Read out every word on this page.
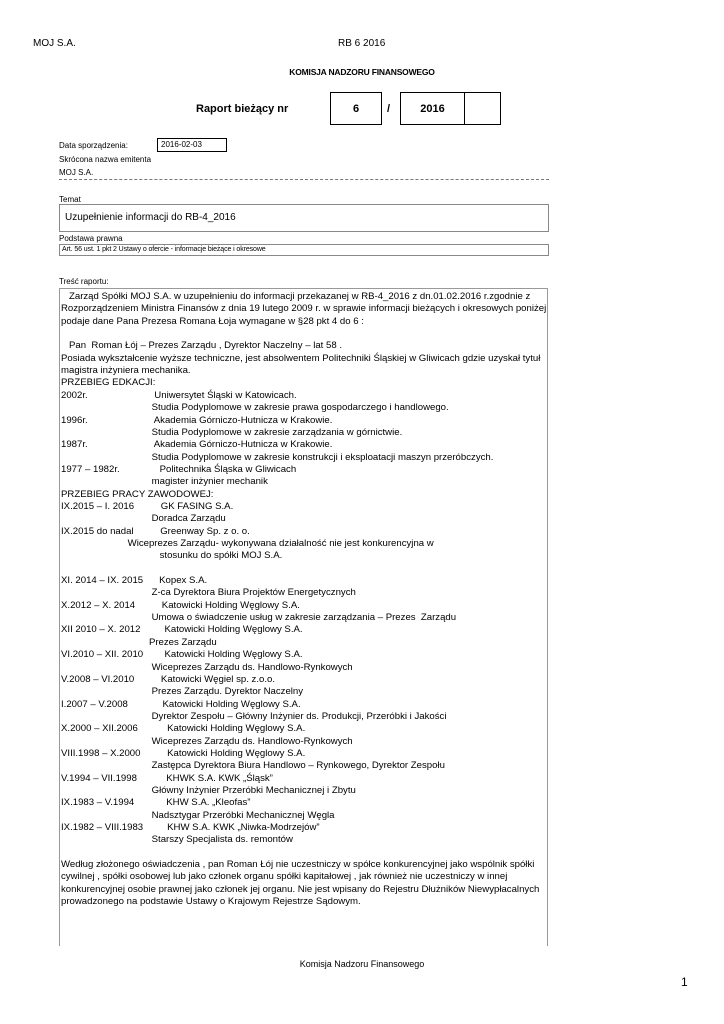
MOJ S.A.	RB 6 2016
KOMISJA NADZORU FINANSOWEGO
Raport bieżący nr	6	/	2016
Data sporządzenia:	2016-02-03
Skrócona nazwa emitenta
MOJ S.A.
Temat
Uzupełnienie informacji do RB-4_2016
Podstawa prawna
Art. 56 ust. 1 pkt 2 Ustawy o ofercie - informacje bieżące i okresowe
Treść raportu:
Zarząd Spółki MOJ S.A. w uzupełnieniu do informacji przekazanej w RB-4_2016 z dn.01.02.2016 r.zgodnie z
Rozporządzeniem Ministra Finansów z dnia 19 lutego 2009 r. w sprawie informacji bieżących i okresowych poniżej
podaje dane Pana Prezesa Romana Łoja wymagane w §28 pkt 4 do 6 :
Pan  Roman Łój – Prezes Zarządu , Dyrektor Naczelny – lat 58 .
Posiada wykształcenie wyższe techniczne, jest absolwentem Politechniki Śląskiej w Gliwicach gdzie uzyskał tytuł
magistra inżyniera mechanika.
PRZEBIEG EDKACJI:
2002r.                         Uniwersytet Śląski w Katowicach.
Studia Podyplomowe w zakresie prawa gospodarczego i handlowego.
1996r.                         Akademia Górniczo-Hutnicza w Krakowie.
Studia Podyplomowe w zakresie zarządzania w górnictwie.
1987r.                         Akademia Górniczo-Hutnicza w Krakowie.
Studia Podyplomowe w zakresie konstrukcji i eksploatacji maszyn przeróbczych.
1977 – 1982r.               Politechnika Śląska w Gliwicach
magister inżynier mechanik
PRZEBIEG PRACY ZAWODOWEJ:
IX.2015 – I. 2016          GK FASING S.A.
Doradca Zarządu
IX.2015 do nadal          Greenway Sp. z o. o.
Wiceprezes Zarządu- wykonywana działalność nie jest konkurencyjna w
stosunku do spółki MOJ S.A.
XI. 2014 – IX. 2015      Kopex S.A.
Z-ca Dyrektora Biura Projektów Energetycznych
X.2012 – X. 2014          Katowicki Holding Węglowy S.A.
Umowa o świadczenie usług w zakresie zarządzania – Prezes  Zarządu
XII 2010 – X. 2012         Katowicki Holding Węglowy S.A.
Prezes Zarządu
VI.2010 – XII. 2010        Katowicki Holding Węglowy S.A.
Wiceprezes Zarządu ds. Handlowo-Rynkowych
V.2008 – VI.2010          Katowicki Węgiel sp. z.o.o.
Prezes Zarządu. Dyrektor Naczelny
I.2007 – V.2008             Katowicki Holding Węglowy S.A.
Dyrektor Zespołu – Główny Inżynier ds. Produkcji, Przeróbki i Jakości
X.2000 – XII.2006           Katowicki Holding Węglowy S.A.
Wiceprezes Zarządu ds. Handlowo-Rynkowych
VIII.1998 – X.2000          Katowicki Holding Węglowy S.A.
Zastępca Dyrektora Biura Handlowo – Rynkowego, Dyrektor Zespołu
V.1994 – VII.1998           KHWK S.A. KWK „Śląsk”
Główny Inżynier Przeróbki Mechanicznej i Zbytu
IX.1983 – V.1994            KHW S.A. „Kleofas”
Nadsztygar Przeróbki Mechanicznej Węgla
IX.1982 – VIII.1983         KHW S.A. KWK „Niwka-Modrzejów”
Starszy Specjalista ds. remontów
Według złożonego oświadczenia , pan Roman Łój nie uczestniczy w spółce konkurencyjnej jako wspólnik spółki
cywilnej , spółki osobowej lub jako członek organu spółki kapitałowej , jak również nie uczestniczy w innej
konkurencyjnej osobie prawnej jako członek jej organu. Nie jest wpisany do Rejestru Dłużników Niewypłacalnych
prowadzonego na podstawie Ustawy o Krajowym Rejestrze Sądowym.
Komisja Nadzoru Finansowego
1
